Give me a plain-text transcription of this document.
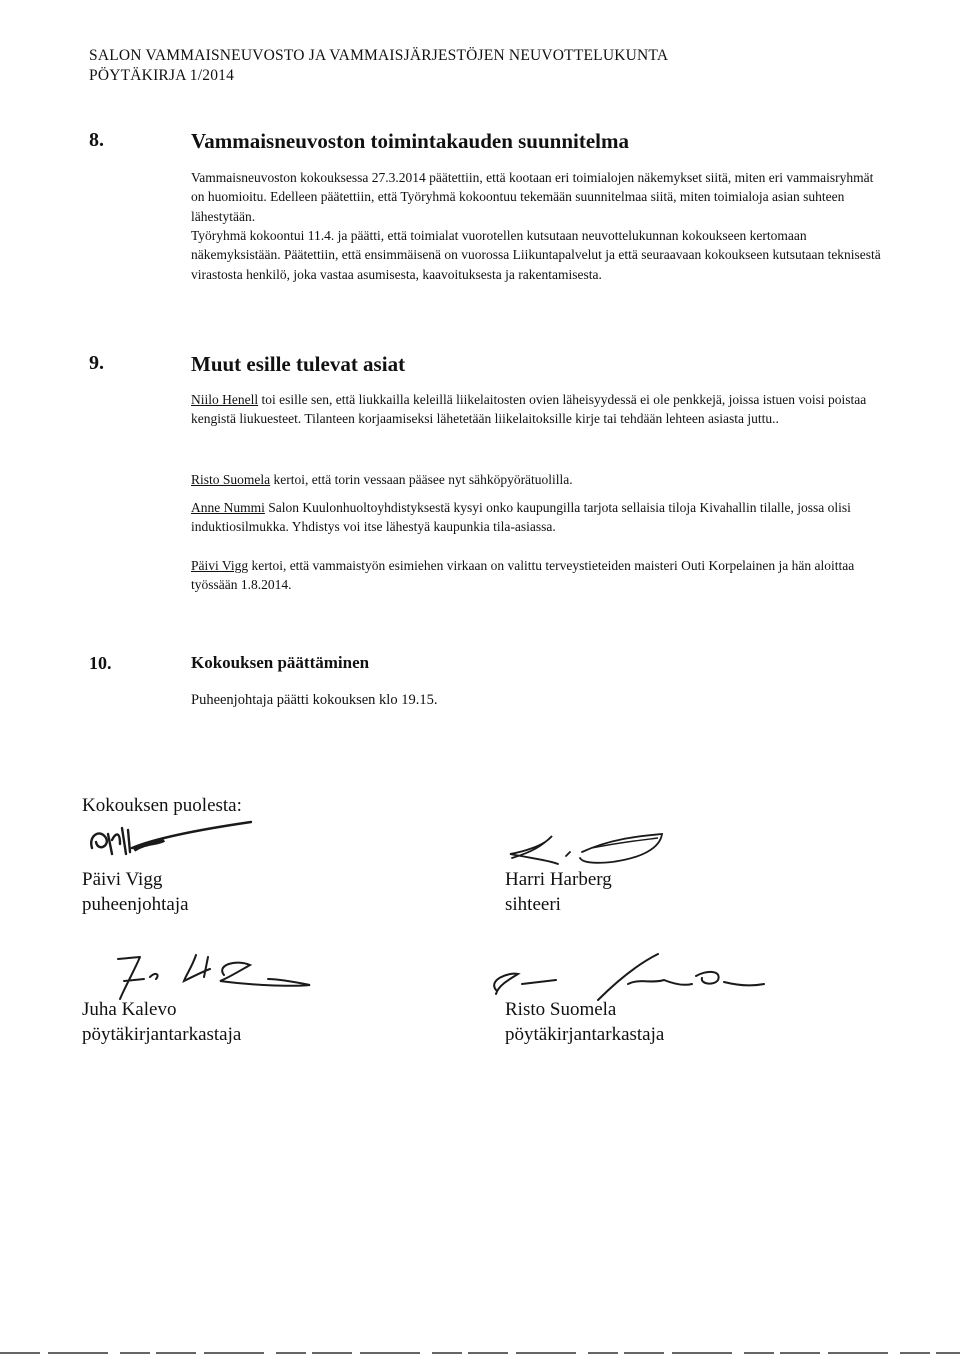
SALON VAMMAISNEUVOSTO JA VAMMAISJÄRJESTÖJEN NEUVOTTELUKUNTA
PÖYTÄKIRJA 1/2014
8.	Vammaisneuvoston toimintakauden suunnitelma

Vammaisneuvoston kokouksessa 27.3.2014 päätettiin, että kootaan eri toimialojen näkemykset siitä, miten eri vammaisryhmät on huomioitu. Edelleen päätettiin, että Työryhmä kokoontuu tekemään suunnitelmaa siitä, miten toimialoja asian suhteen lähestytään.

Työryhmä kokoontui 11.4. ja päätti, että toimialat vuorotellen kutsutaan neuvottelukunnan kokoukseen kertomaan näkemyksistään. Päätettiin, että ensimmäisenä on vuorossa Liikuntapalvelut ja että seuraavaan kokoukseen kutsutaan teknisestä virastosta henkilö, joka vastaa asumisesta, kaavoituksesta ja rakentamisesta.

9.	Muut esille tulevat asiat

Niilo Henell toi esille sen, että liukkailla keleillä liikelaitosten ovien läheisyydessä ei ole penkkejä, joissa istuen voisi poistaa kengistä liukuesteet. Tilanteen korjaamiseksi lähetetään liikelaitoksille kirje tai tehdään lehteen asiasta juttu..

Risto Suomela kertoi, että torin vessaan pääsee nyt sähköpyörätuolilla.

Anne Nummi Salon Kuulonhuoltoyhdistyksestä kysyi onko kaupungilla tarjota sellaisia tiloja Kivahallin tilalle, jossa olisi induktiosilmukka. Yhdistys voi itse lähestyä kaupunkia tila-asiassa.

Päivi Vigg kertoi, että vammaistyön esimiehen virkaan on valittu terveystieteiden maisteri Outi Korpelainen ja hän aloittaa työssään 1.8.2014.

10.	Kokouksen päättäminen

Puheenjohtaja päätti kokouksen klo 19.15.

Kokouksen puolesta:
Päivi Vigg
puheenjohtaja
Harri Harberg
sihteeri
Juha Kalevo
pöytäkirjantarkastaja
Risto Suomela
pöytäkirjantarkastaja
